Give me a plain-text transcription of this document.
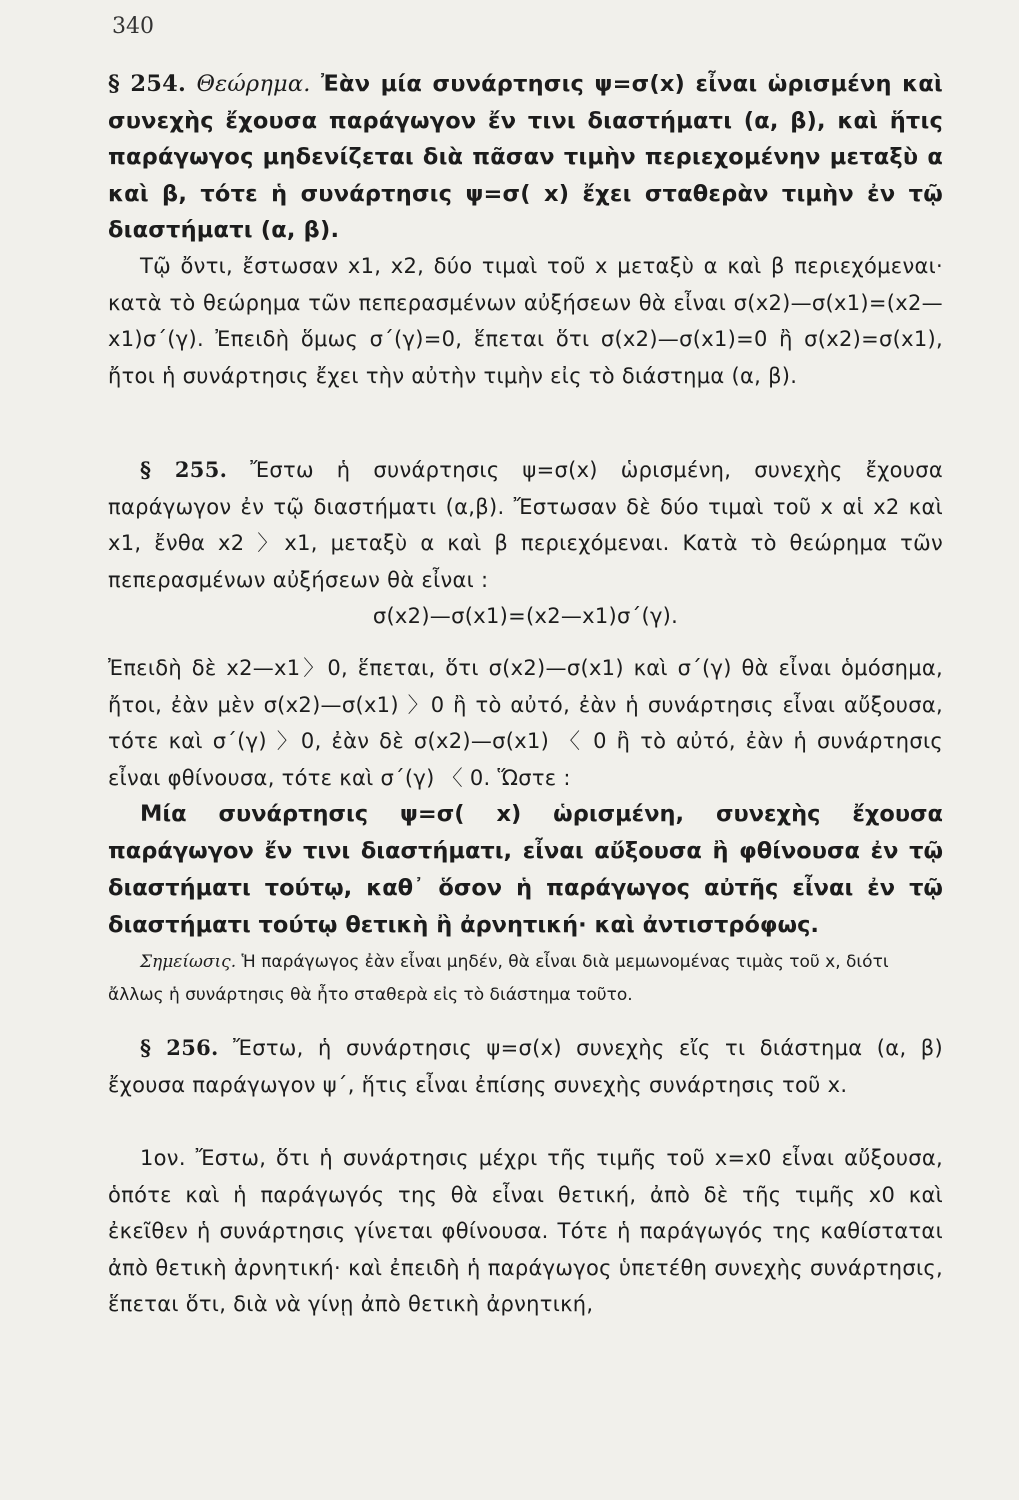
340
§ 254. Θεώρημα. Ἐὰν μία συνάρτησις ψ=σ(x) εἶναι ὡρισμένη καὶ συνεχὴς ἔχουσα παράγωγον ἔν τινι διαστήματι (α, β), καὶ ἥτις παράγωγος μηδενίζεται διὰ πᾶσαν τιμὴν περιεχομένην μεταξὺ α καὶ β, τότε ἡ συνάρτησις ψ=σ( x) ἔχει σταθερὰν τιμὴν ἐν τῷ διαστήματι (α, β).
Τῷ ὄντι, ἔστωσαν x1, x2, δύο τιμαὶ τοῦ x μεταξὺ α καὶ β περιεχόμεναι· κατὰ τὸ θεώρημα τῶν πεπερασμένων αὐξήσεων θὰ εἶναι σ(x2)—σ(x1)=(x2—x1)σ΄(γ). Ἐπειδὴ ὅμως σ΄(γ)=0, ἕπεται ὅτι σ(x2)—σ(x1)=0 ἢ σ(x2)=σ(x1), ἤτοι ἡ συνάρτησις ἔχει τὴν αὐτὴν τιμὴν εἰς τὸ διάστημα (α, β).
§ 255. Ἔστω ἡ συνάρτησις ψ=σ(x) ὡρισμένη, συνεχὴς ἔχουσα παράγωγον ἐν τῷ διαστήματι (α,β). Ἔστωσαν δὲ δύο τιμαὶ τοῦ x αἱ x2 καὶ x1, ἔνθα x2 〉x1, μεταξὺ α καὶ β περιεχόμεναι. Κατὰ τὸ θεώρημα τῶν πεπερασμένων αὐξήσεων θὰ εἶναι :
σ(x2)—σ(x1)=(x2—x1)σ΄(γ).
Ἐπειδὴ δὲ x2—x1〉0, ἕπεται, ὅτι σ(x2)—σ(x1) καὶ σ΄(γ) θὰ εἶναι ὁμόσημα, ἤτοι, ἐὰν μὲν σ(x2)—σ(x1) 〉0 ἢ τὸ αὐτό, ἐὰν ἡ συνάρτησις εἶναι αὔξουσα, τότε καὶ σ΄(γ) 〉0, ἐὰν δὲ σ(x2)—σ(x1) 〈 0 ἢ τὸ αὐτό, ἐὰν ἡ συνάρτησις εἶναι φθίνουσα, τότε καὶ σ΄(γ) 〈 0. Ὥστε :
Μία συνάρτησις ψ=σ( x) ὡρισμένη, συνεχὴς ἔχουσα παράγωγον ἔν τινι διαστήματι, εἶναι αὔξουσα ἢ φθίνουσα ἐν τῷ διαστήματι τούτῳ, καθ᾽ ὅσον ἡ παράγωγος αὐτῆς εἶναι ἐν τῷ διαστήματι τούτῳ θετικὴ ἢ ἀρνητική· καὶ ἀντιστρόφως.
Σημείωσις. Ἡ παράγωγος ἐὰν εἶναι μηδέν, θὰ εἶναι διὰ μεμωνομένας τιμὰς τοῦ x, διότι ἄλλως ἡ συνάρτησις θὰ ἦτο σταθερὰ εἰς τὸ διάστημα τοῦτο.
§ 256. Ἔστω, ἡ συνάρτησις ψ=σ(x) συνεχὴς εἴς τι διάστημα (α, β) ἔχουσα παράγωγον ψ΄, ἥτις εἶναι ἐπίσης συνεχὴς συνάρτησις τοῦ x.
1ον. Ἔστω, ὅτι ἡ συνάρτησις μέχρι τῆς τιμῆς τοῦ x=x0 εἶναι αὔξουσα, ὁπότε καὶ ἡ παράγωγός της θὰ εἶναι θετική, ἀπὸ δὲ τῆς τιμῆς x0 καὶ ἐκεῖθεν ἡ συνάρτησις γίνεται φθίνουσα. Τότε ἡ παράγωγός της καθίσταται ἀπὸ θετικὴ ἀρνητική· καὶ ἐπειδὴ ἡ παράγωγος ὑπετέθη συνεχὴς συνάρτησις, ἕπεται ὅτι, διὰ νὰ γίνῃ ἀπὸ θετικὴ ἀρνητική,
